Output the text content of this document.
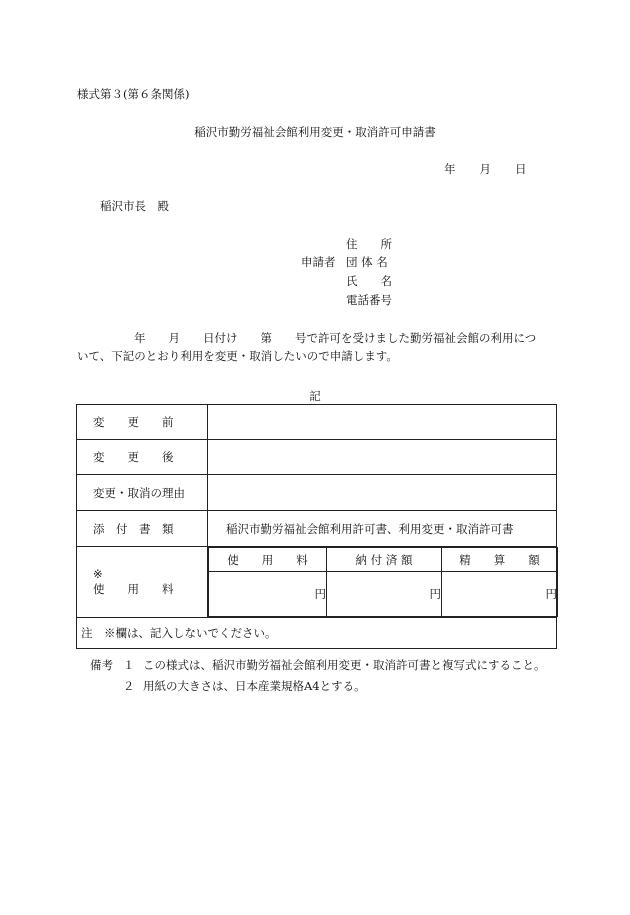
様式第３(第６条関係)
稲沢市勤労福祉会館利用変更・取消許可申請書
年 月 日
稲沢市長　殿
申請者
住　　所
団 体 名
氏　　名
電話番号
年　　月　　日付け　　第　　号で許可を受けました勤労福祉会館の利用につ
いて、下記のとおり利用を変更・取消したいので申請します。
記
変　　更　　前	
変　　更　　後	
変更・取消の理由	
添　付　書　類	稲沢市勤労福祉会館利用許可書、利用変更・取消許可書

※
使　　用　　料

使　　用　　料	納 付 済 額	精　　算　　額
円	円	円

注　※欄は、記入しないでください。
備考 １ この様式は、稲沢市勤労福祉会館利用変更・取消許可書と複写式にすること。
２ 用紙の大きさは、日本産業規格A4とする。
